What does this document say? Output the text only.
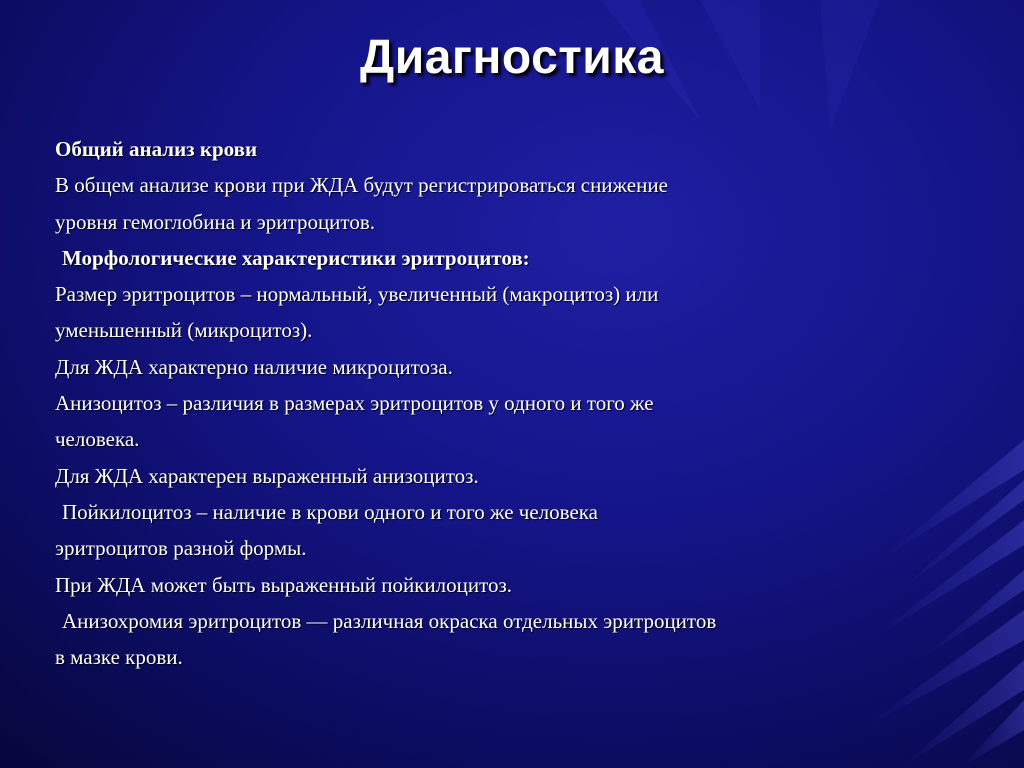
Диагностика

Общий анализ крови

В общем анализе крови при ЖДА будут регистрироваться снижение

уровня гемоглобина и эритроцитов.

Морфологические характеристики эритроцитов:

Размер эритроцитов – нормальный, увеличенный (макроцитоз) или

уменьшенный (микроцитоз).

Для ЖДА характерно наличие микроцитоза.

Анизоцитоз – различия в размерах эритроцитов у одного и того же

человека.

Для ЖДА характерен выраженный анизоцитоз.

Пойкилоцитоз – наличие в крови одного и того же человека

эритроцитов разной формы.

При ЖДА может быть выраженный пойкилоцитоз.

Анизохромия эритроцитов — различная окраска отдельных эритроцитов

в мазке крови.
